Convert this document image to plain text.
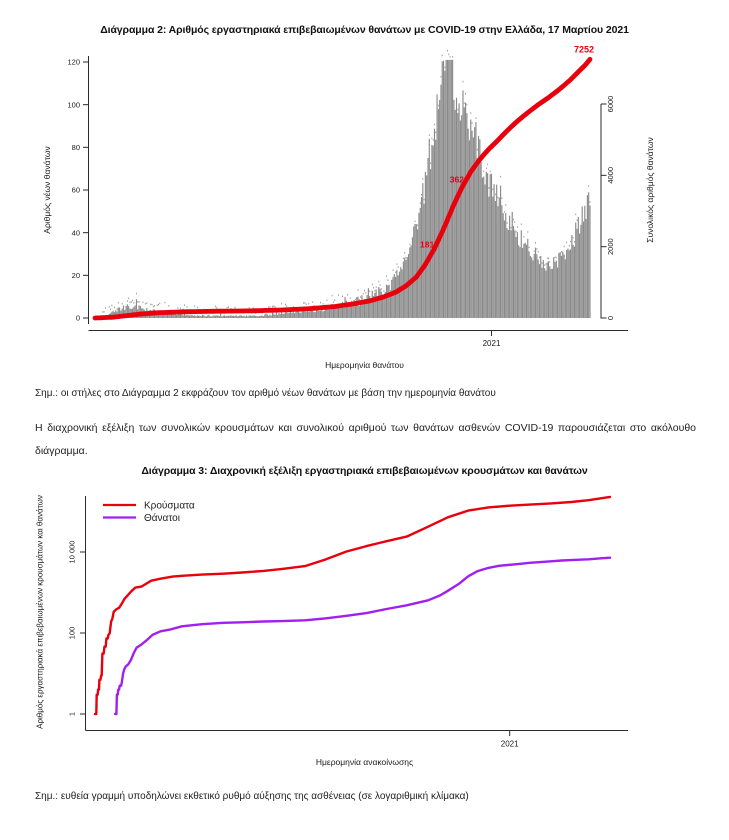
0
20
40
60
80
100
120
2021
0
2000
4000
6000
1813
3626
7252
1
100
10 000
2021
Κρούσματα
Θάνατοι
Διάγραμμα 2: Αριθμός εργαστηριακά επιβεβαιωμένων θανάτων με COVID-19 στην Ελλάδα, 17 Μαρτίου 2021
Αριθμός νέων θανάτων	Συνολικός αριθμός θανάτων
Ημερομηνία θανάτου
Σημ.: οι στήλες στο Διάγραμμα 2 εκφράζουν τον αριθμό νέων θανάτων με βάση την ημερομηνία θανάτου
Η διαχρονική εξέλιξη των συνολικών κρουσμάτων και συνολικού αριθμού των θανάτων ασθενών COVID-19 παρουσιάζεται στο ακόλουθο διάγραμμα.
Διάγραμμα 3: Διαχρονική εξέλιξη εργαστηριακά επιβεβαιωμένων κρουσμάτων και θανάτων
Αριθμός εργαστηριακά επιβεβαιωμένων κρουσμάτων και θανάτων
Ημερομηνία ανακοίνωσης
Σημ.: ευθεία γραμμή υποδηλώνει εκθετικό ρυθμό αύξησης της ασθένειας (σε λογαριθμική κλίμακα)
